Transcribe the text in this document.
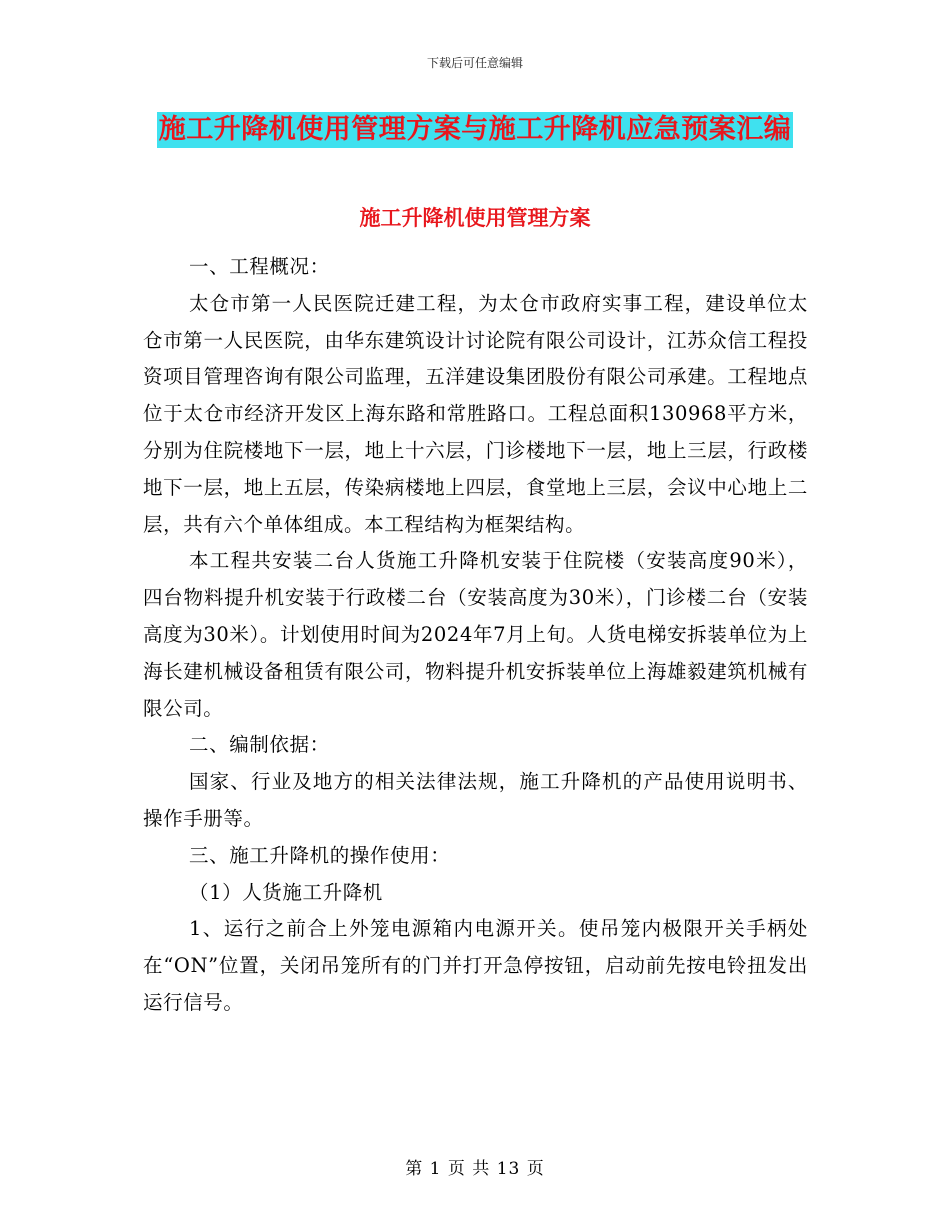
下载后可任意编辑
施工升降机使用管理方案与施工升降机应急预案汇编
施工升降机使用管理方案

一、工程概况：

太仓市第一人民医院迁建工程，为太仓市政府实事工程，建设单位太仓市第一人民医院，由华东建筑设计讨论院有限公司设计，江苏众信工程投资项目管理咨询有限公司监理，五洋建设集团股份有限公司承建。工程地点位于太仓市经济开发区上海东路和常胜路口。工程总面积130968平方米，分别为住院楼地下一层，地上十六层，门诊楼地下一层，地上三层，行政楼地下一层，地上五层，传染病楼地上四层，食堂地上三层，会议中心地上二层，共有六个单体组成。本工程结构为框架结构。

本工程共安装二台人货施工升降机安装于住院楼（安装高度90米），四台物料提升机安装于行政楼二台（安装高度为30米），门诊楼二台（安装高度为30米）。计划使用时间为2024年7月上旬。人货电梯安拆装单位为上海长建机械设备租赁有限公司，物料提升机安拆装单位上海雄毅建筑机械有限公司。

二、编制依据：

国家、行业及地方的相关法律法规，施工升降机的产品使用说明书、操作手册等。

三、施工升降机的操作使用：

（1）人货施工升降机

1、运行之前合上外笼电源箱内电源开关。使吊笼内极限开关手柄处在“ON”位置，关闭吊笼所有的门并打开急停按钮，启动前先按电铃扭发出运行信号。

第 1 页 共 13 页
